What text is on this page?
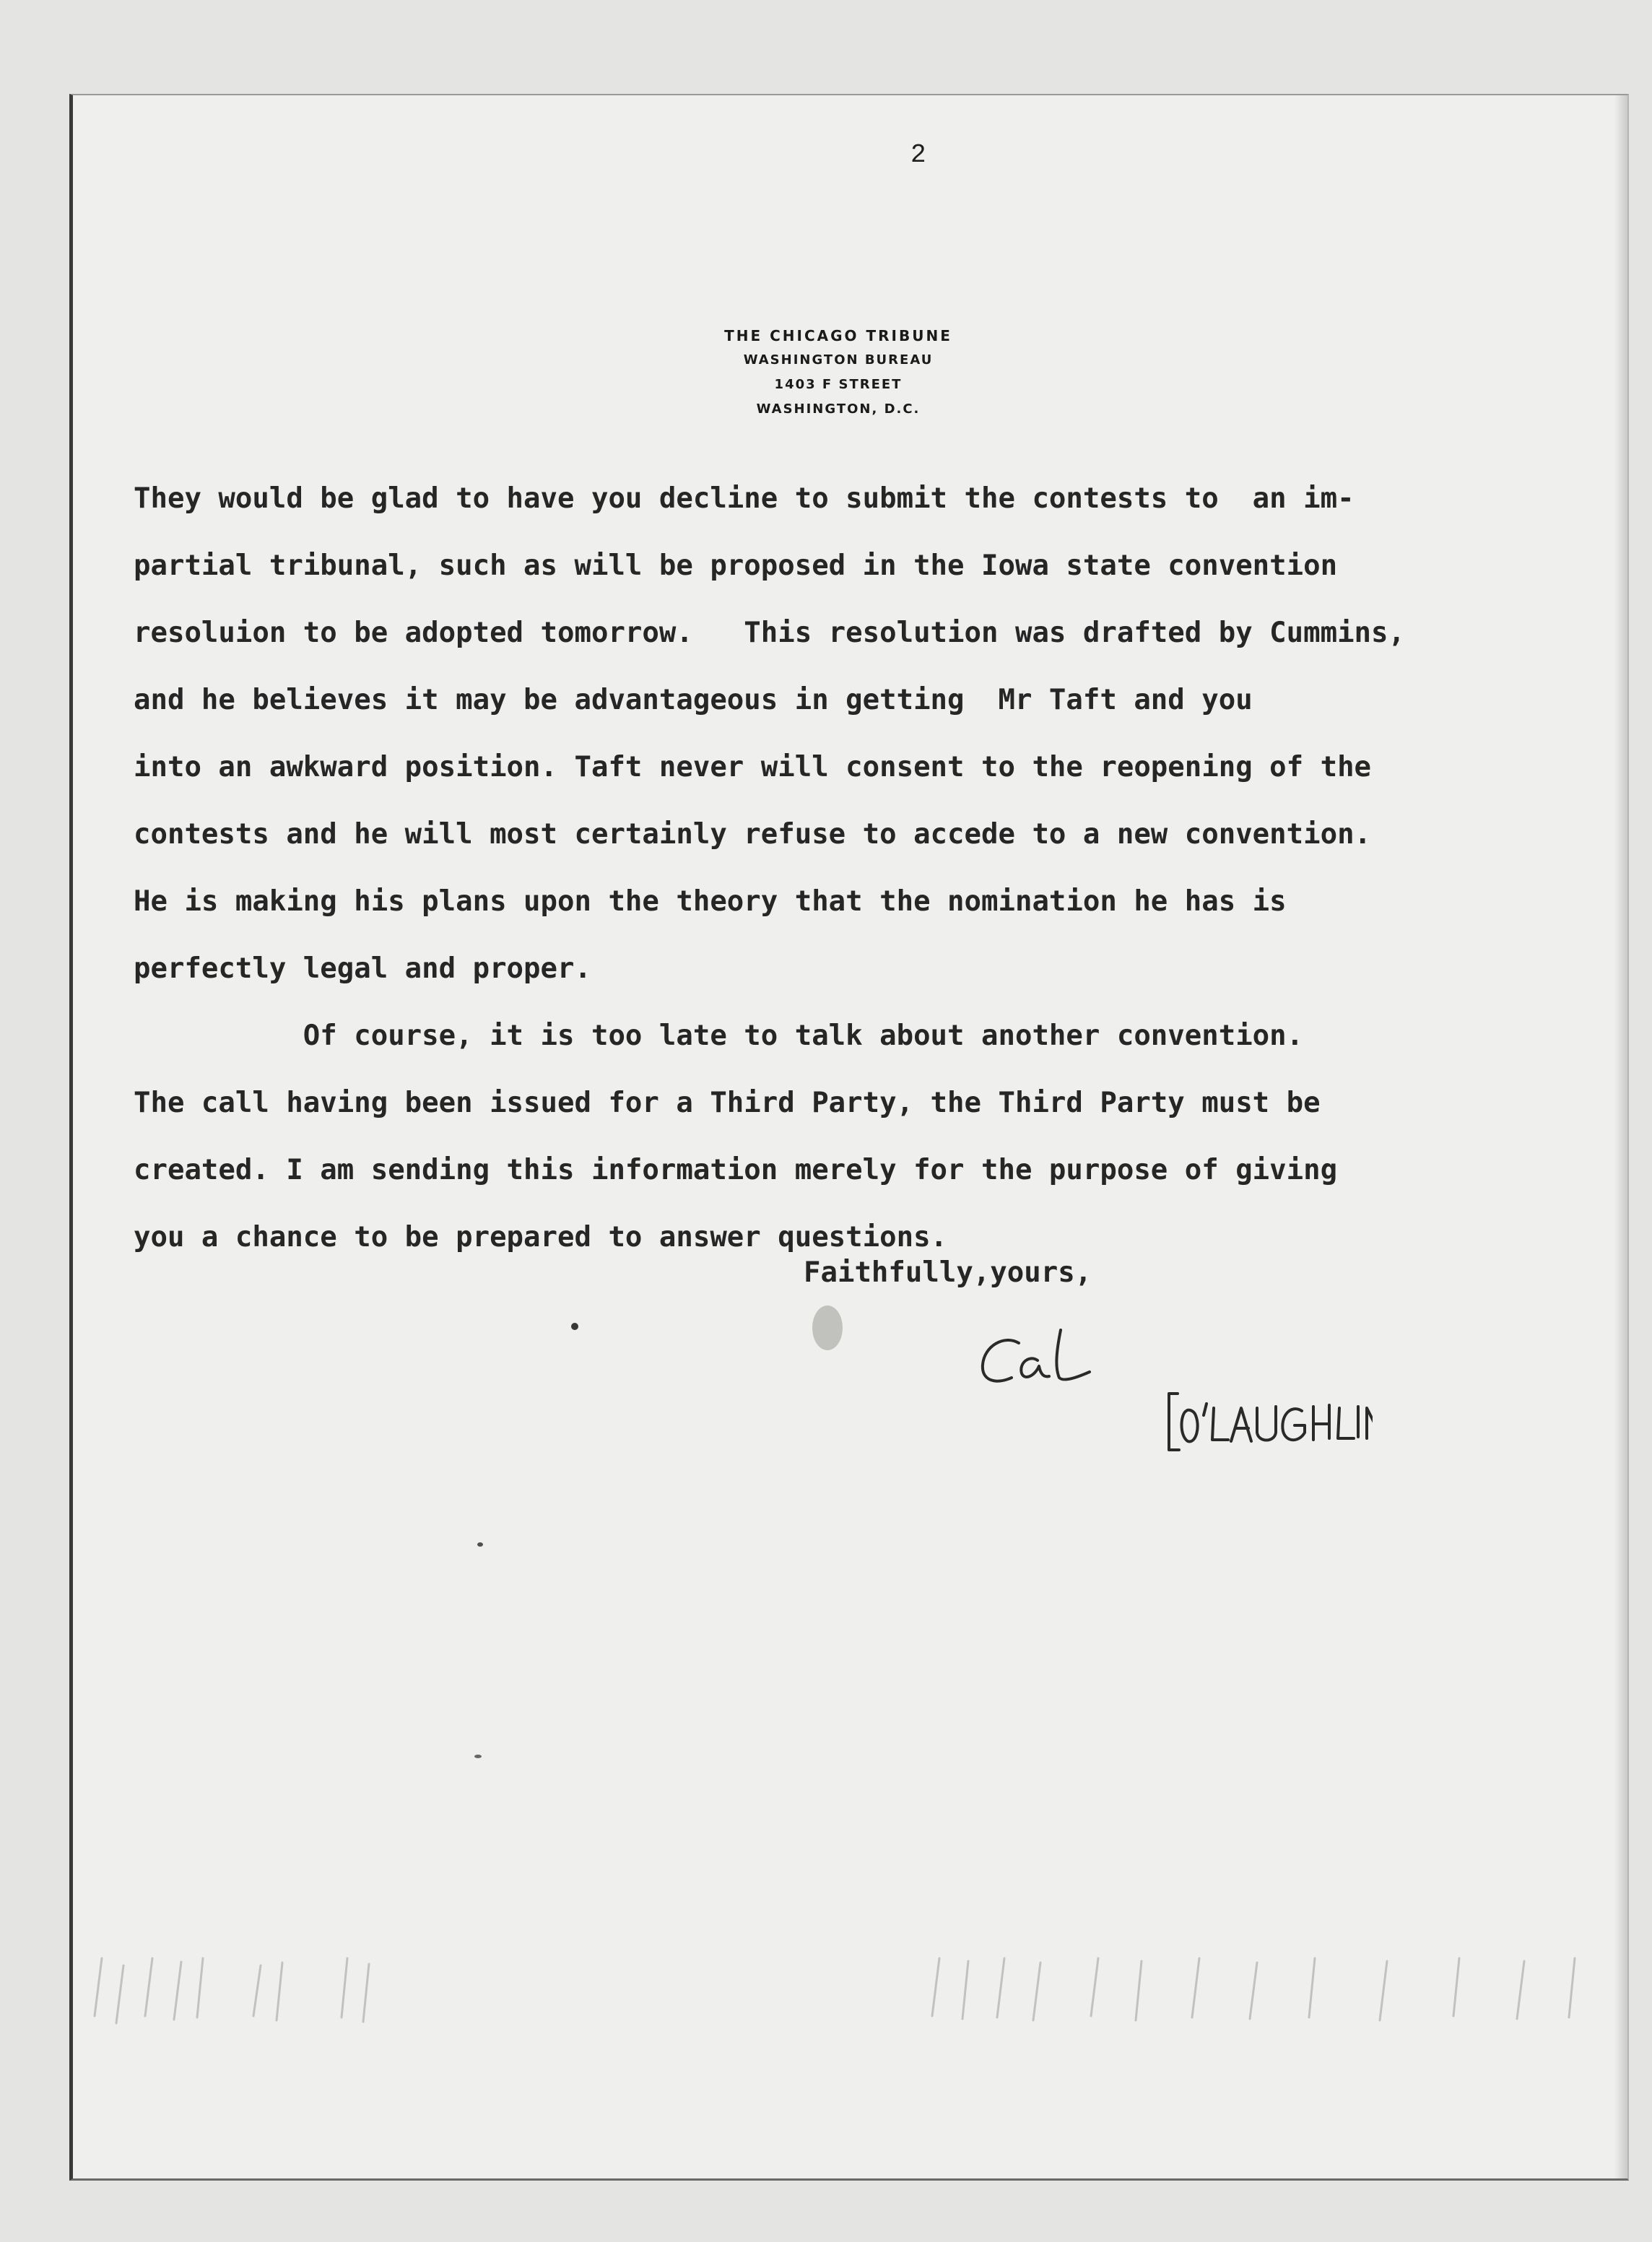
2
THE CHICAGO TRIBUNE
WASHINGTON BUREAU
1403 F STREET
WASHINGTON, D.C.
They would be glad to have you decline to submit the contests to  an im-
partial tribunal, such as will be proposed in the Iowa state convention
resoluion to be adopted tomorrow.   This resolution was drafted by Cummins,
and he believes it may be advantageous in getting  Mr Taft and you
into an awkward position. Taft never will consent to the reopening of the
contests and he will most certainly refuse to accede to a new convention.
He is making his plans upon the theory that the nomination he has is
perfectly legal and proper.
Of course, it is too late to talk about another convention.
The call having been issued for a Third Party, the Third Party must be
created. I am sending this information merely for the purpose of giving
you a chance to be prepared to answer questions.
Faithfully,yours,
